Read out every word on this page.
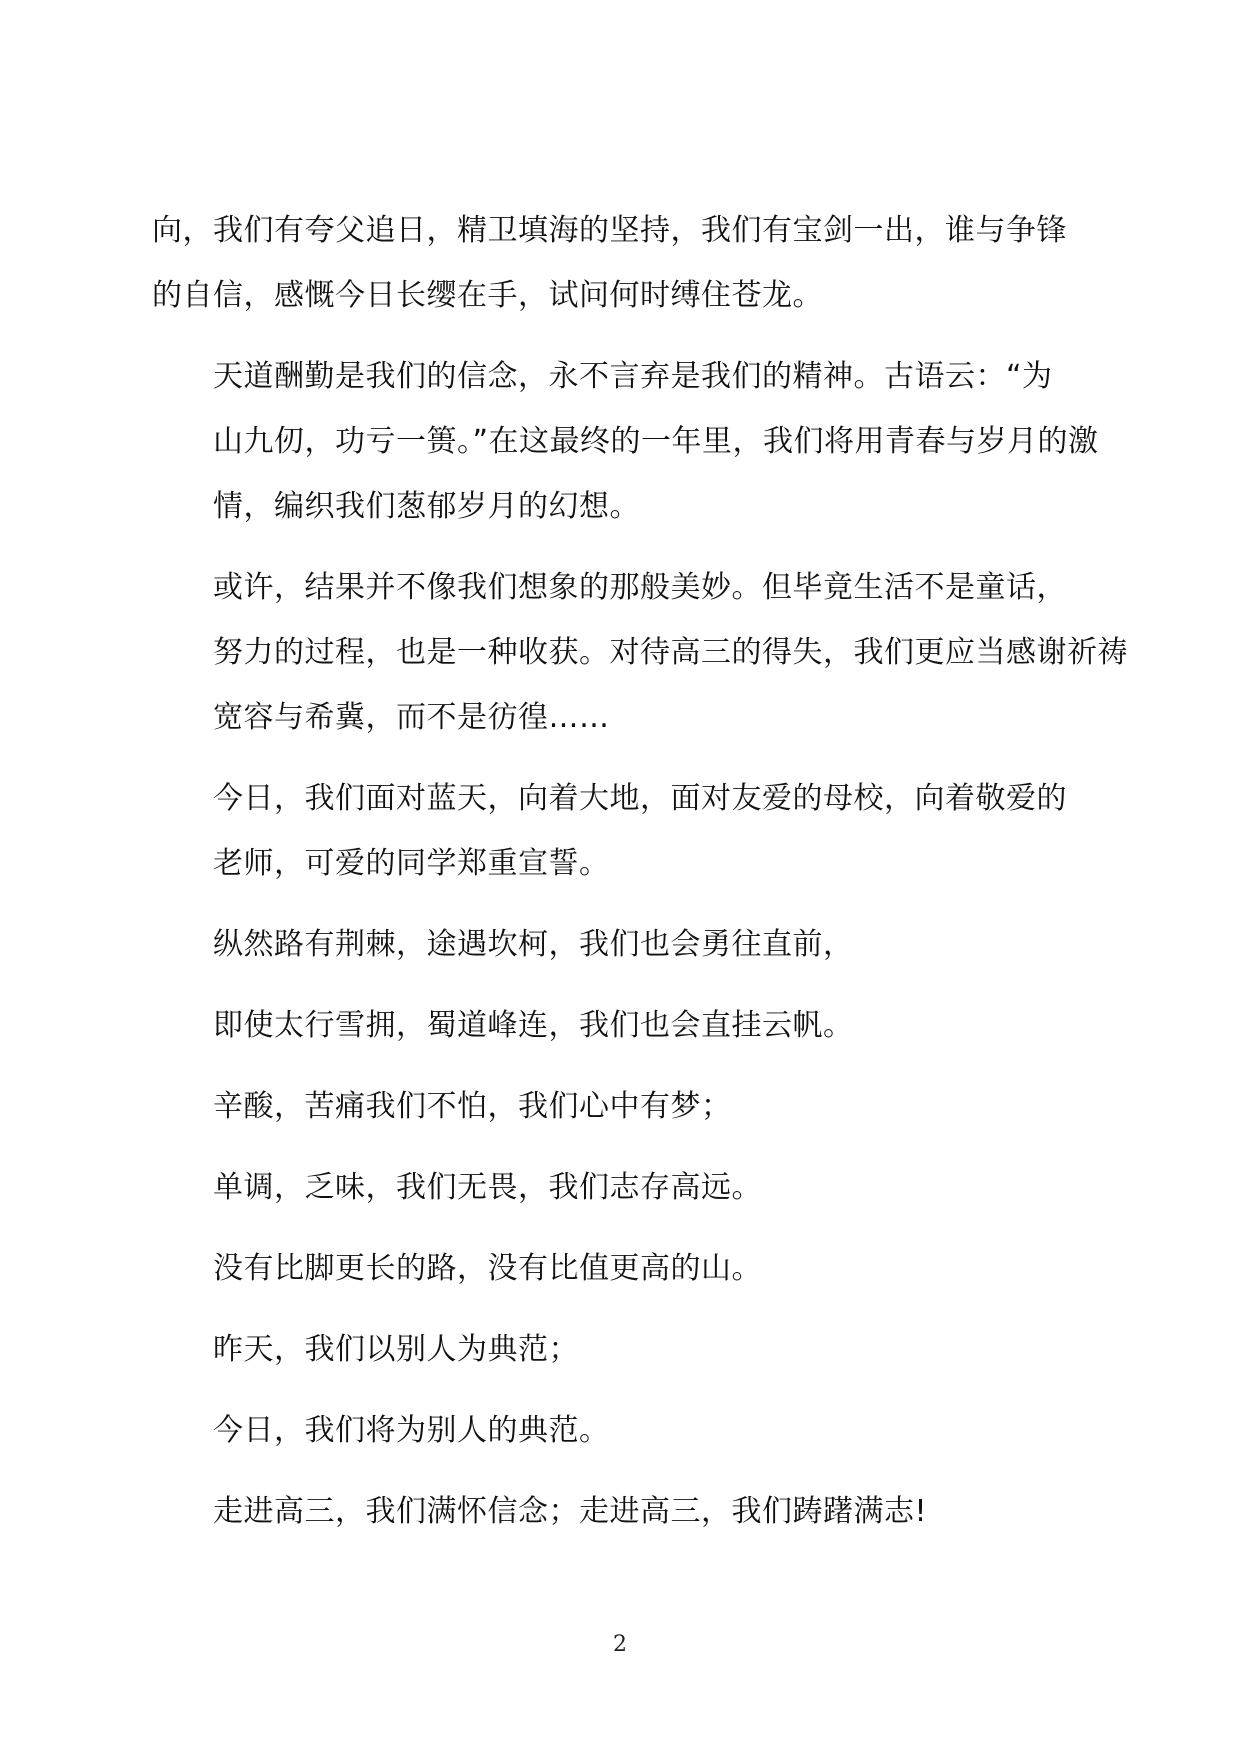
向，我们有夸父追日，精卫填海的坚持，我们有宝剑一出，谁与争锋
的自信，感慨今日长缨在手，试问何时缚住苍龙。

天道酬勤是我们的信念，永不言弃是我们的精神。古语云：“为
山九仞，功亏一篑。”在这最终的一年里，我们将用青春与岁月的激
情，编织我们葱郁岁月的幻想。

或许，结果并不像我们想象的那般美妙。但毕竟生活不是童话，
努力的过程，也是一种收获。对待高三的得失，我们更应当感谢祈祷
宽容与希冀，而不是彷徨……

今日，我们面对蓝天，向着大地，面对友爱的母校，向着敬爱的
老师，可爱的同学郑重宣誓。

纵然路有荆棘，途遇坎柯，我们也会勇往直前，

即使太行雪拥，蜀道峰连，我们也会直挂云帆。

辛酸，苦痛我们不怕，我们心中有梦；

单调，乏味，我们无畏，我们志存高远。

没有比脚更长的路，没有比值更高的山。

昨天，我们以别人为典范；

今日，我们将为别人的典范。

走进高三，我们满怀信念；走进高三，我们踌躇满志!

2
